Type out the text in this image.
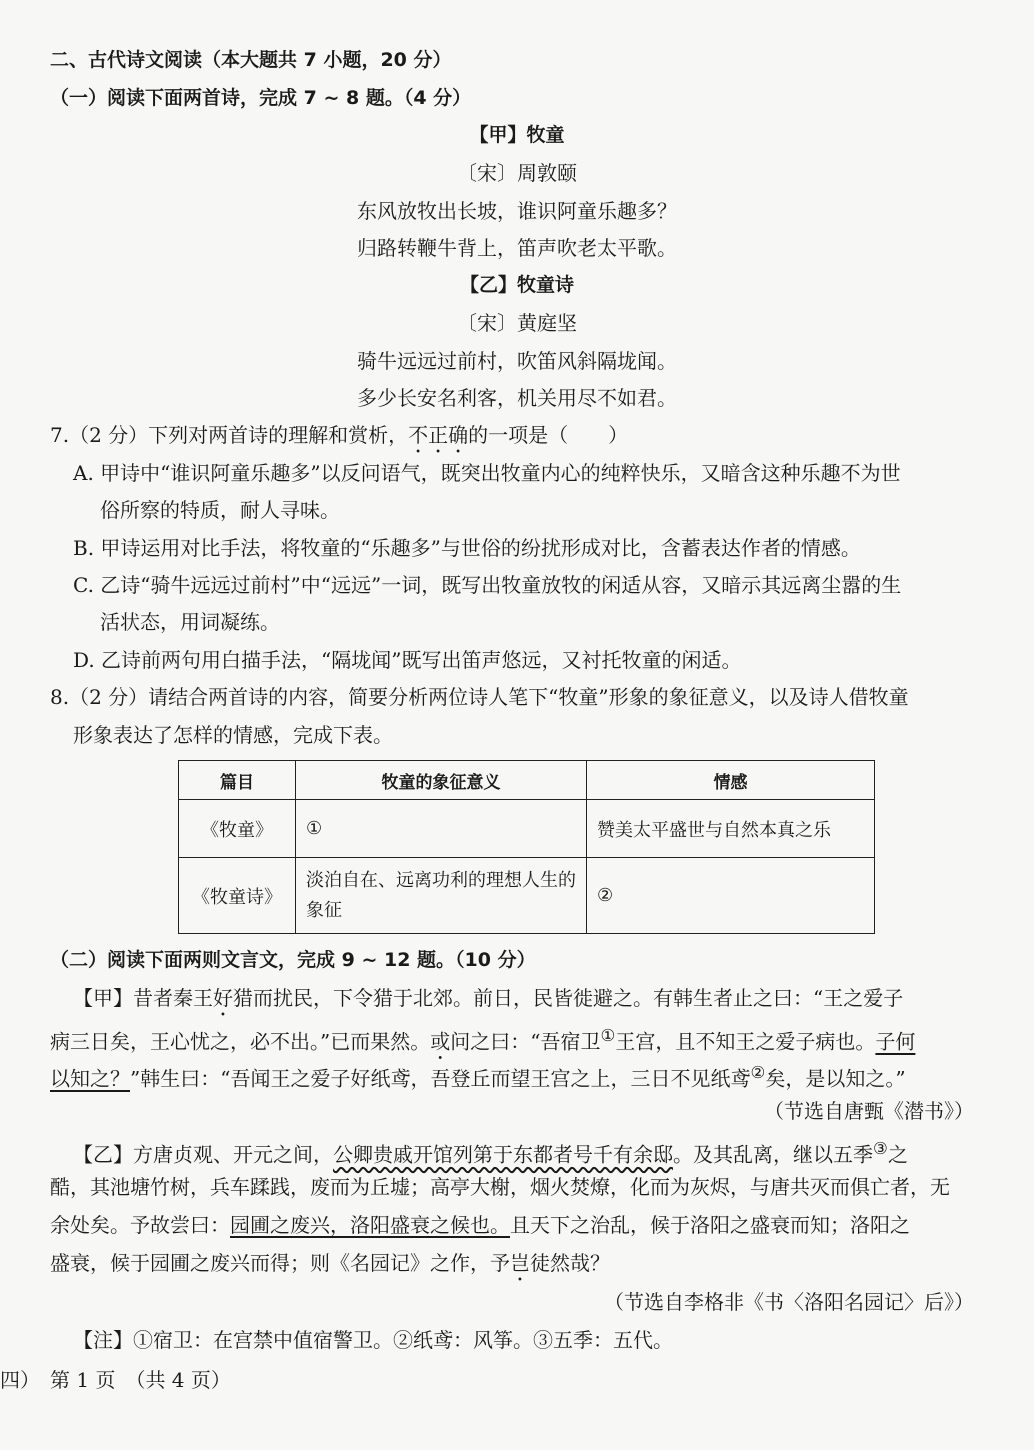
二、古代诗文阅读（本大题共 7 小题，20 分）
（一）阅读下面两首诗，完成 7 ~ 8 题。（4 分）
【甲】牧童
〔宋〕周敦颐
东风放牧出长坡，谁识阿童乐趣多？
归路转鞭牛背上，笛声吹老太平歌。
【乙】牧童诗
〔宋〕黄庭坚
骑牛远远过前村，吹笛风斜隔垅闻。
多少长安名利客，机关用尽不如君。
7.（2 分）下列对两首诗的理解和赏析，不正确的一项是（　　）
A. 甲诗中“谁识阿童乐趣多”以反问语气，既突出牧童内心的纯粹快乐，又暗含这种乐趣不为世
俗所察的特质，耐人寻味。
B. 甲诗运用对比手法，将牧童的“乐趣多”与世俗的纷扰形成对比，含蓄表达作者的情感。
C. 乙诗“骑牛远远过前村”中“远远”一词，既写出牧童放牧的闲适从容，又暗示其远离尘嚣的生
活状态，用词凝练。
D. 乙诗前两句用白描手法，“隔垅闻”既写出笛声悠远，又衬托牧童的闲适。
8.（2 分）请结合两首诗的内容，简要分析两位诗人笔下“牧童”形象的象征意义，以及诗人借牧童
形象表达了怎样的情感，完成下表。
篇目	牧童的象征意义	情感
《牧童》	①	赞美太平盛世与自然本真之乐
《牧童诗》	淡泊自在、远离功利的理想人生的象征	②
（二）阅读下面两则文言文，完成 9 ~ 12 题。（10 分）
【甲】昔者秦王好猎而扰民，下令猎于北郊。前日，民皆徙避之。有韩生者止之曰：“王之爱子
病三日矣，王心忧之，必不出。”已而果然。或问之曰：“吾宿卫①王宫，且不知王之爱子病也。子何
以知之？”韩生曰：“吾闻王之爱子好纸鸢，吾登丘而望王宫之上，三日不见纸鸢②矣，是以知之。”
（节选自唐甄《潜书》）
【乙】方唐贞观、开元之间，公卿贵戚开馆列第于东都者号千有余邸。及其乱离，继以五季③之
酷，其池塘竹树，兵车蹂践，废而为丘墟；高亭大榭，烟火焚燎，化而为灰烬，与唐共灭而俱亡者，无
余处矣。予故尝曰：园圃之废兴，洛阳盛衰之候也。且天下之治乱，候于洛阳之盛衰而知；洛阳之
盛衰，候于园圃之废兴而得；则《名园记》之作，予岂徒然哉？
（节选自李格非《书〈洛阳名园记〉后》）
【注】①宿卫：在宫禁中值宿警卫。②纸鸢：风筝。③五季：五代。
四）　第 1 页　（共 4 页）
